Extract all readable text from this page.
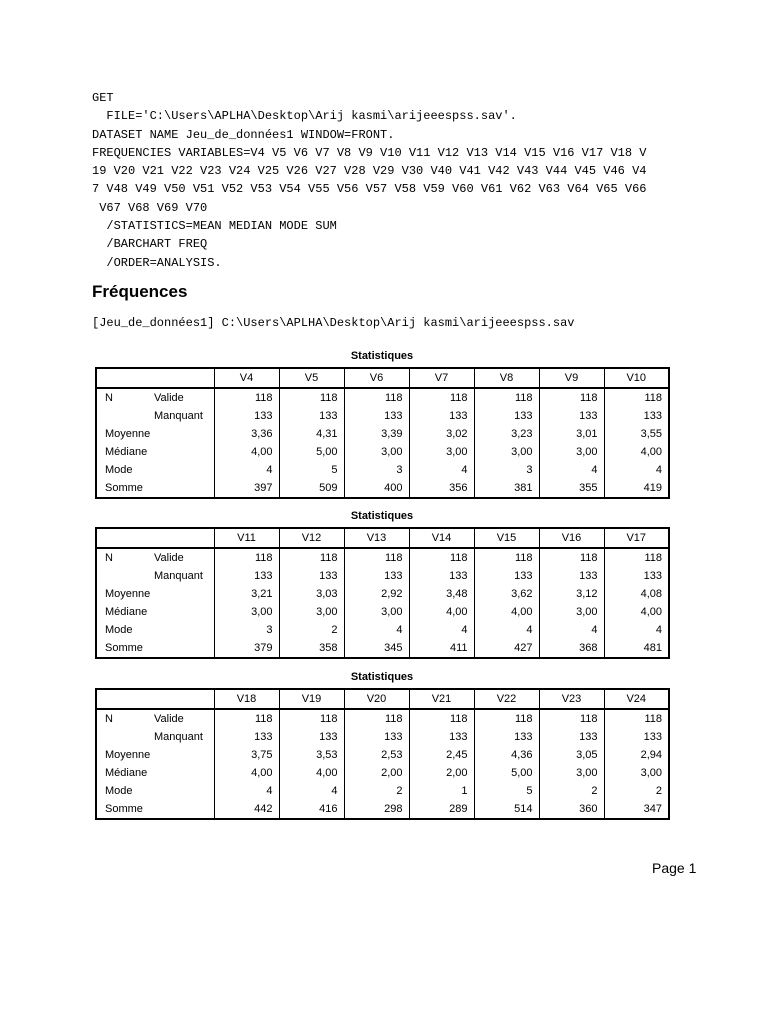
GET
FILE='C:\Users\APLHA\Desktop\Arij kasmi\arijeeespss.sav'.
DATASET NAME Jeu_de_données1 WINDOW=FRONT.
FREQUENCIES VARIABLES=V4 V5 V6 V7 V8 V9 V10 V11 V12 V13 V14 V15 V16 V17 V18 V
19 V20 V21 V22 V23 V24 V25 V26 V27 V28 V29 V30 V40 V41 V42 V43 V44 V45 V46 V4
7 V48 V49 V50 V51 V52 V53 V54 V55 V56 V57 V58 V59 V60 V61 V62 V63 V64 V65 V66
V67 V68 V69 V70
/STATISTICS=MEAN MEDIAN MODE SUM
/BARCHART FREQ
/ORDER=ANALYSIS.
Fréquences
[Jeu_de_données1] C:\Users\APLHA\Desktop\Arij kasmi\arijeeespss.sav
Statistiques
		V4	V5	V6	V7	V8	V9	V10
N	Valide	118	118	118	118	118	118	118
	Manquant	133	133	133	133	133	133	133
Moyenne		3,36	4,31	3,39	3,02	3,23	3,01	3,55
Médiane		4,00	5,00	3,00	3,00	3,00	3,00	4,00
Mode		4	5	3	4	3	4	4
Somme		397	509	400	356	381	355	419
Statistiques
		V11	V12	V13	V14	V15	V16	V17
N	Valide	118	118	118	118	118	118	118
	Manquant	133	133	133	133	133	133	133
Moyenne		3,21	3,03	2,92	3,48	3,62	3,12	4,08
Médiane		3,00	3,00	3,00	4,00	4,00	3,00	4,00
Mode		3	2	4	4	4	4	4
Somme		379	358	345	411	427	368	481
Statistiques
		V18	V19	V20	V21	V22	V23	V24
N	Valide	118	118	118	118	118	118	118
	Manquant	133	133	133	133	133	133	133
Moyenne		3,75	3,53	2,53	2,45	4,36	3,05	2,94
Médiane		4,00	4,00	2,00	2,00	5,00	3,00	3,00
Mode		4	4	2	1	5	2	2
Somme		442	416	298	289	514	360	347
Page 1
